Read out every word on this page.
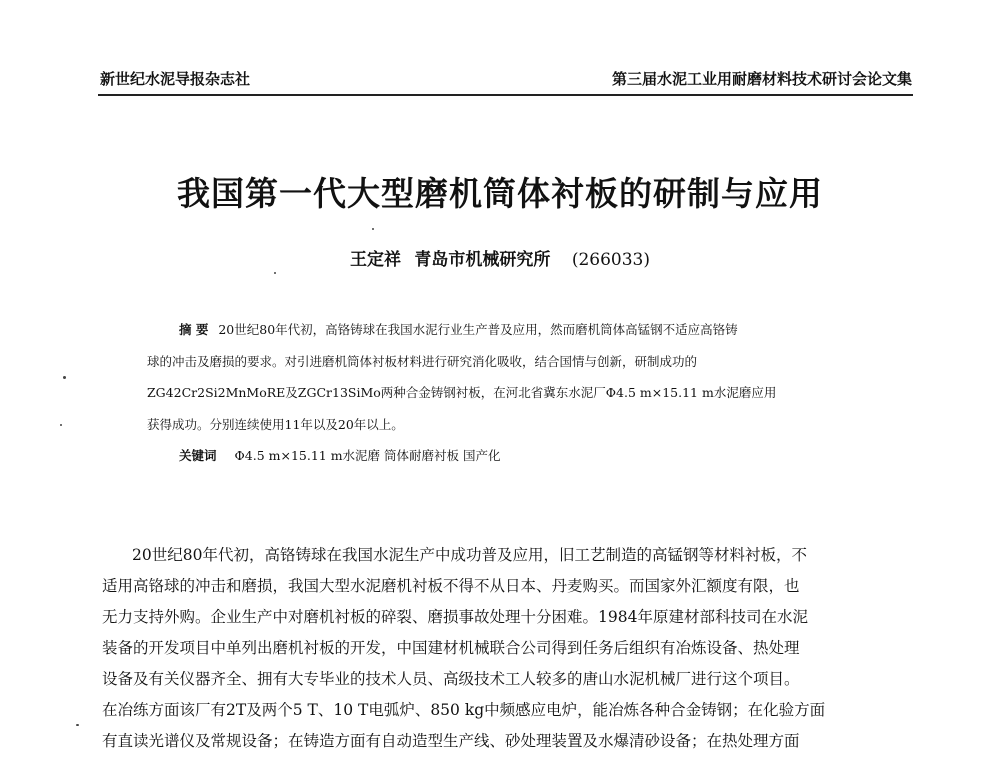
新世纪水泥导报杂志社	第三届水泥工业用耐磨材料技术研讨会论文集
我国第一代大型磨机筒体衬板的研制与应用
王定祥 青岛市机械研究所 (266033)
摘 要 20世纪80年代初，高铬铸球在我国水泥行业生产普及应用，然而磨机筒体高锰钢不适应高铬铸
球的冲击及磨损的要求。对引进磨机筒体衬板材料进行研究消化吸收，结合国情与创新，研制成功的
ZG42Cr2Si2MnMoRE及ZGCr13SiMo两种合金铸钢衬板，在河北省冀东水泥厂Φ4.5 m×15.11 m水泥磨应用
获得成功。分别连续使用11年以及20年以上。
关键词 Φ4.5 m×15.11 m水泥磨 筒体耐磨衬板 国产化
20世纪80年代初，高铬铸球在我国水泥生产中成功普及应用，旧工艺制造的高锰钢等材料衬板，不
适用高铬球的冲击和磨损，我国大型水泥磨机衬板不得不从日本、丹麦购买。而国家外汇额度有限，也
无力支持外购。企业生产中对磨机衬板的碎裂、磨损事故处理十分困难。1984年原建材部科技司在水泥
装备的开发项目中单列出磨机衬板的开发，中国建材机械联合公司得到任务后组织有冶炼设备、热处理
设备及有关仪器齐全、拥有大专毕业的技术人员、高级技术工人较多的唐山水泥机械厂进行这个项目。
在冶练方面该厂有2T及两个5 T、10 T电弧炉、850 kg中频感应电炉，能冶炼各种合金铸钢；在化验方面
有直读光谱仪及常规设备；在铸造方面有自动造型生产线、砂处理装置及水爆清砂设备；在热处理方面
